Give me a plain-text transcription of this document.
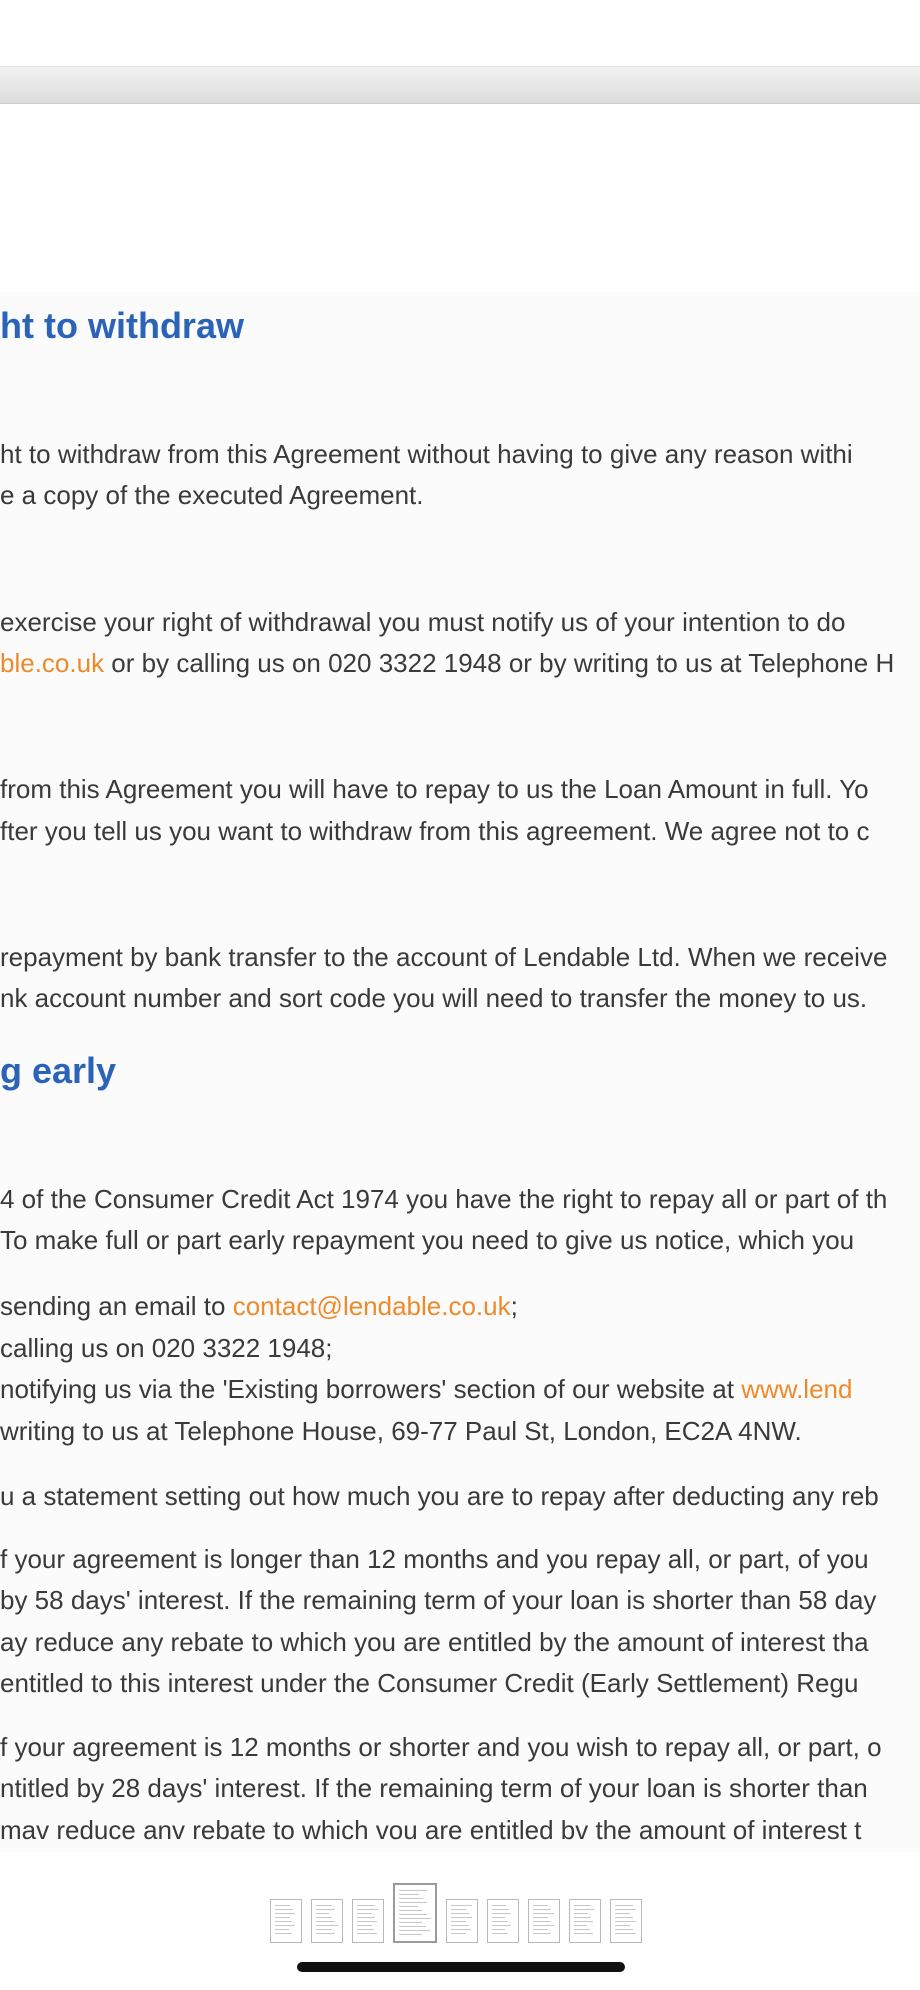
ht to withdraw
ht to withdraw from this Agreement without having to give any reason withi
e a copy of the executed Agreement.
exercise your right of withdrawal you must notify us of your intention to do
ble.co.uk or by calling us on 020 3322 1948 or by writing to us at Telephone H
from this Agreement you will have to repay to us the Loan Amount in full. Yo
fter you tell us you want to withdraw from this agreement. We agree not to c
repayment by bank transfer to the account of Lendable Ltd. When we receive
nk account number and sort code you will need to transfer the money to us.
g early
4 of the Consumer Credit Act 1974 you have the right to repay all or part of th
To make full or part early repayment you need to give us notice, which you
sending an email to contact@lendable.co.uk;
calling us on 020 3322 1948;
notifying us via the 'Existing borrowers' section of our website at www.lend
writing to us at Telephone House, 69-77 Paul St, London, EC2A 4NW.
u a statement setting out how much you are to repay after deducting any reb
f your agreement is longer than 12 months and you repay all, or part, of you
by 58 days' interest. If the remaining term of your loan is shorter than 58 day
ay reduce any rebate to which you are entitled by the amount of interest tha
entitled to this interest under the Consumer Credit (Early Settlement) Regu
f your agreement is 12 months or shorter and you wish to repay all, or part, o
ntitled by 28 days' interest. If the remaining term of your loan is shorter than
mav reduce anv rebate to which vou are entitled bv the amount of interest t
